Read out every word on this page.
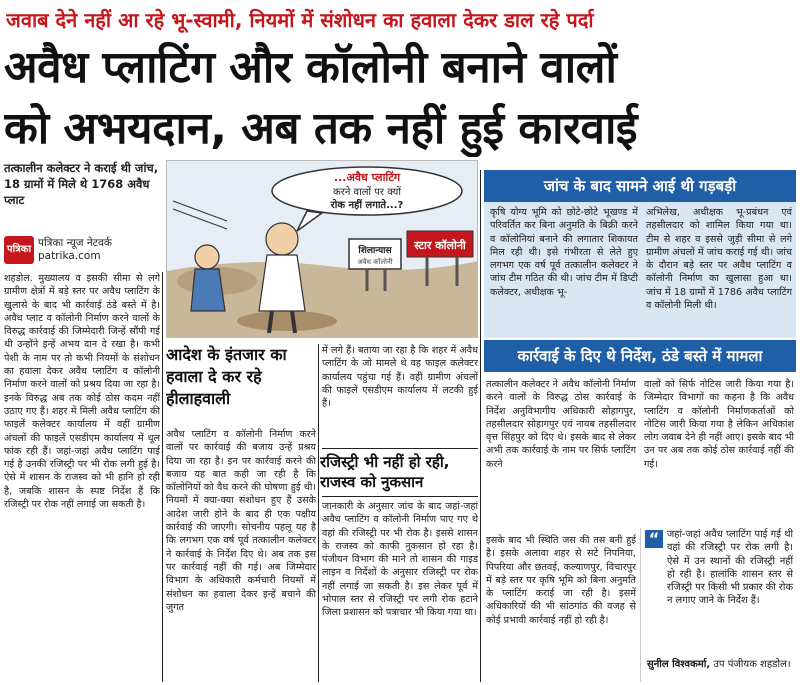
जवाब देने नहीं आ रहे भू-स्वामी, नियमों में संशोधन का हवाला देकर डाल रहे पर्दा
अवैध प्लाटिंग और कॉलोनी बनाने वालों
को अभयदान, अब तक नहीं हुई कारवाई
तत्कालीन कलेक्टर ने कराई थी जांच, 18 ग्रामों में मिले थे 1768 अवैध प्लाट
पत्रिका
पत्रिका न्यूज नेटवर्क
patrika.com
...अवैध प्लाटिंग
करने वालों पर क्यों
रोक नहीं लगाते...?
शिलान्यास
अवैध कॉलोनी
स्टार कॉलोनी
शहडोल. मुख्यालय व इसकी सीमा से लगे ग्रामीण क्षेत्रों में बड़े स्तर पर अवैध प्लाटिंग के खुलासे के बाद भी कार्रवाई ठंडे बस्ते में है। अवैध प्लाट व कॉलोनी निर्माण करने वालों के विरुद्ध कार्रवाई की जिम्मेदारी जिन्हें सौंपी गई थी उन्होंने इन्हें अभय दान दे रखा है। कभी पेशी के नाम पर तो कभी नियमों के संशोधन का हवाला देकर अवैध प्लाटिंग व कॉलोनी निर्माण करने वालों को प्रश्रय दिया जा रहा है। इनके विरुद्ध अब तक कोई ठोस कदम नहीं उठाए गए हैं। शहर में मिली अवैध प्लाटिंग की फाइलें कलेक्टर कार्यालय में वहीं ग्रामीण अंचलों की फाइलें एसडीएम कार्यालय में धूल फांक रही हैं। जहां-जहां अवैध प्लाटिंग पाई गई है उनकी रजिस्ट्री पर भी रोक लगी हुई है। ऐसे में शासन के राजस्व को भी हानि हो रही है, जबकि शासन के स्पष्ट निर्देश हैं कि रजिस्ट्री पर रोक नहीं लगाई जा सकती है।
आदेश के इंतजार का हवाला दे कर रहे हीलाहवाली
अवैध प्लाटिंग व कॉलोनी निर्माण करने वालों पर कार्रवाई की बजाय उन्हें प्रश्रय दिया जा रहा है। इन पर कार्रवाई करने की बजाय यह बात कही जा रही है कि कॉलोनियों को वैध करने की घोषणा हुई थी। नियमों में क्या-क्या संशोधन हुए हैं उसके आदेश जारी होने के बाद ही एक पक्षीय कार्रवाई की जाएगी। सोचनीय पहलू यह है कि लगभग एक वर्ष पूर्व तत्कालीन कलेक्टर ने कार्रवाई के निर्देश दिए थे। अब तक इस पर कार्रवाई नहीं की गई। अब जिम्मेदार विभाग के अधिकारी कर्मचारी नियमों में संशोधन का हवाला देकर इन्हें बचाने की जुगत
में लगे हैं। बताया जा रहा है कि शहर में अवैध प्लाटिंग के जो मामले थे वह फाइल कलेक्टर कार्यालय पहुंचा गई हैं। वहीं ग्रामीण अंचलों की फाइलें एसडीएम कार्यालय में लटकी हुई हैं।
रजिस्ट्री भी नहीं हो रही, राजस्व को नुकसान
जानकारी के अनुसार जांच के बाद जहां-जहां अवैध प्लाटिंग व कॉलोनी निर्माण पाए गए थे वहां की रजिस्ट्री पर भी रोक है। इससे शासन के राजस्व को काफी नुकसान हो रहा है। पंजीयन विभाग की माने तो शासन की गाइड लाइन व निर्देशों के अनुसार रजिस्ट्री पर रोक नहीं लगाई जा सकती है। इस लेकर पूर्व में भोपाल स्तर से रजिस्ट्री पर लगी रोक हटाने जिला प्रशासन को पत्राचार भी किया गया था।
जांच के बाद सामने आई थी गड़बड़ी
कृषि योग्य भूमि को छोटे-छोटे भूखण्ड में परिवर्तित कर बिना अनुमति के बिक्री करने व कॉलोनियां बनाने की लगातार शिकायत मिल रही थी। इसे गंभीरता से लेते हुए लगभग एक वर्ष पूर्व तत्कालीन कलेक्टर ने जांच टीम गठित की थी। जांच टीम में डिप्टी कलेक्टर, अधीक्षक भू-
अभिलेख, अधीक्षक भू-प्रबंधन एवं तहसीलदार को शामिल किया गया था। टीम से शहर व इससे जुड़ी सीमा से लगे ग्रामीण अंचलों में जांच कराई गई थी। जांच के दौरान बड़े स्तर पर अवैध प्लाटिंग व कॉलोनी निर्माण का खुलासा हुआ था। जांच में 18 ग्रामों में 1786 अवैध प्लाटिंग व कॉलोनी मिली थी।
कार्रवाई के दिए थे निर्देश, ठंडे बस्ते में मामला
तत्कालीन कलेक्टर ने अवैध कॉलोनी निर्माण करने वालों के विरुद्ध ठोस कार्रवाई के निर्देश अनुविभागीय अधिकारी सोहागपुर, तहसीलदार सोहागपुर एवं नायब तहसीलदार वृत्त सिंहपुर को दिए थे। इसके बाद से लेकर अभी तक कार्रवाई के नाम पर सिर्फ प्लाटिंग करने
वालों को सिर्फ नोटिस जारी किया गया है। जिम्मेदार विभागों का कहना है कि अवैध प्लाटिंग व कॉलोनी निर्माणकर्ताओं को नोटिस जारी किया गया है लेकिन अधिकांश लोग जवाब देने ही नहीं आए। इसके बाद भी उन पर अब तक कोई ठोस कार्रवाई नहीं की गई।
इसके बाद भी स्थिति जस की तस बनी हुई है। इसके अलावा शहर से सटे निपनिया, पिपरिया और छतवई, कल्याणपुर, विचारपुर में बड़े स्तर पर कृषि भूमि को बिना अनुमति के प्लाटिंग कराई जा रही है। इसमें अधिकारियों की भी सांठगांठ की वजह से कोई प्रभावी कार्रवाई नहीं हो रही है।
“ जहां-जहां अवैध प्लाटिंग पाई गई थी वहां की रजिस्ट्री पर रोक लगी है। ऐसे में उन स्थानों की रजिस्ट्री नहीं हो रही है। हालांकि शासन स्तर से रजिस्ट्री पर किसी भी प्रकार की रोक न लगाए जाने के निर्देश हैं।
सुनील विश्वकर्मा, उप पंजीयक शहडोल।
